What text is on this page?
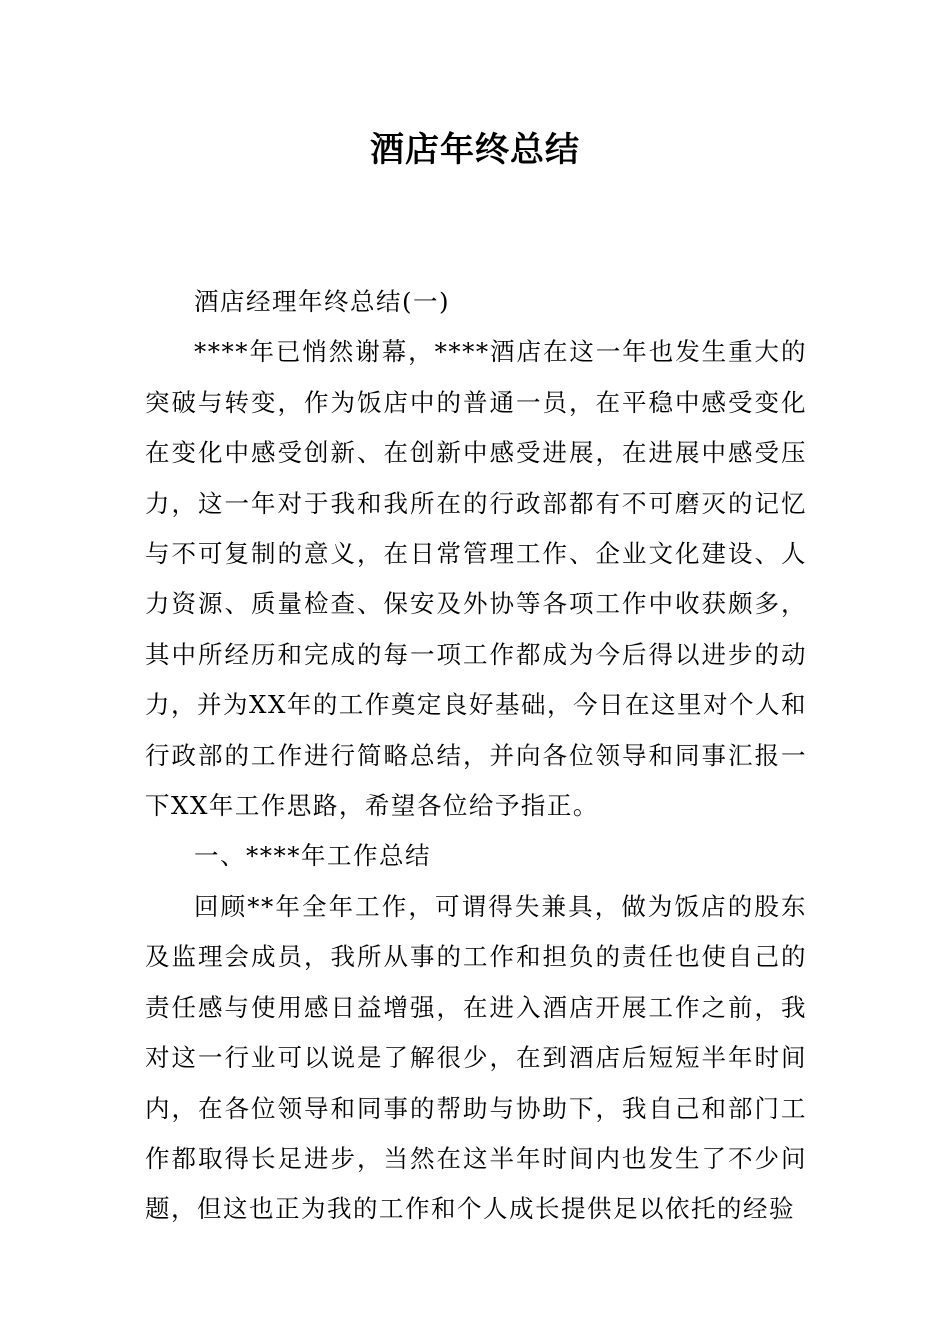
酒店年终总结

酒店经理年终总结(一)

****年已悄然谢幕，****酒店在这一年也发生重大的突破与转变，作为饭店中的普通一员，在平稳中感受变化在变化中感受创新、在创新中感受进展，在进展中感受压力，这一年对于我和我所在的行政部都有不可磨灭的记忆与不可复制的意义，在日常管理工作、企业文化建设、人力资源、质量检查、保安及外协等各项工作中收获颇多，其中所经历和完成的每一项工作都成为今后得以进步的动力，并为XX年的工作奠定良好基础，今日在这里对个人和行政部的工作进行简略总结，并向各位领导和同事汇报一下XX年工作思路，希望各位给予指正。

一、****年工作总结

回顾**年全年工作，可谓得失兼具，做为饭店的股东及监理会成员，我所从事的工作和担负的责任也使自己的责任感与使用感日益增强，在进入酒店开展工作之前，我对这一行业可以说是了解很少，在到酒店后短短半年时间内，在各位领导和同事的帮助与协助下，我自己和部门工作都取得长足进步，当然在这半年时间内也发生了不少问题，但这也正为我的工作和个人成长提供足以依托的经验
